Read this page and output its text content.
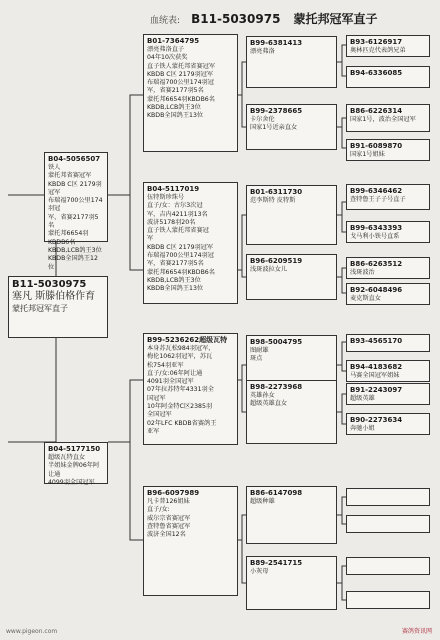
血统表: B11-5030975 蒙托邦冠军直子
B11-5030975
塞凡 斯滕伯格作育
蒙托邦冠军直子
B04-5056507
铁人
蒙托邦省赛冠军
KBDB C区 2179羽冠军
布瑞福700公里174羽冠
军，省赛2177羽5名
蒙托邦6654羽KBDB6名
KBDB,LCB鸽王3位
KBDB全国鸽王12位
B04-5177150
超级瓦特直女
半姐妹金牌06年阿让通
4099羽全国冠军
B01-7364795
漂亮弗洛直子
04年10次获奖
直子铁人蒙托邦省赛冠军
KBDB C区 2179羽冠军
布瑞福700公里174羽冠
军，省赛2177羽5名
蒙托邦6654羽KBDB6名
KBDB,LCB鸽王3位
KBDB全国鸽王13位
B04-5117019
伍特斯珍珠号
直子/女：古尔3次冠
军，吉内4211羽13名
波济5178羽20名
直子铁人蒙托邦省赛冠
军
KBDB C区 2179羽冠军
布瑞福700公里174羽冠
军，省赛2177羽5名
蒙托邦6654羽KBDB6名
KBDB,LCB鸽王3位
KBDB全国鸽王13位
B99-5236262超级瓦特
本身苏瓦松984羽冠军，
梅伦1062羽冠军，苏瓦
松754羽亚军
直子/女:06年阿让通
4091羽全国冠军
07年拉苏特年4331羽全
国冠军
10年阿金特C区2385羽
全国冠军
02年LFC KBDB省赛鸽王
亚军
B96-6097989
凡卡普126姐妹
直子/女:
威尔宗省赛冠军
查特鲁省赛冠军
波济全国12名
B99-6381413
漂亮弗洛
B99-2378665
卡尔舍伦
国家1号近亲直女
B01-6311730
范李斯特 皮特斯
B96-6209519
浅斑波拉女儿
B98-5004795
图耐雄
斑点
B98-2273968
英雄孙女
超级英雄直女
B86-6147098
超级种雄
B89-2541715
小灰母
B93-6126917
奥林匹克代表鸽兄弟
B94-6336085
B86-6226314
国家1号，波治全国冠军
B91-6089870
国家1号姐妹
B99-6346462
查特鲁王子子号直子
B99-6343393
戈马利小铁号直系
B86-6263512
浅斑波治
B92-6048496
麦克斯直女
B93-4565170
B94-4183682
马赛全国冠军姐妹
B91-2243097
超级英雄
B90-2273634
奔驰小姐
www.pigeon.com	赛鸽资讯网
